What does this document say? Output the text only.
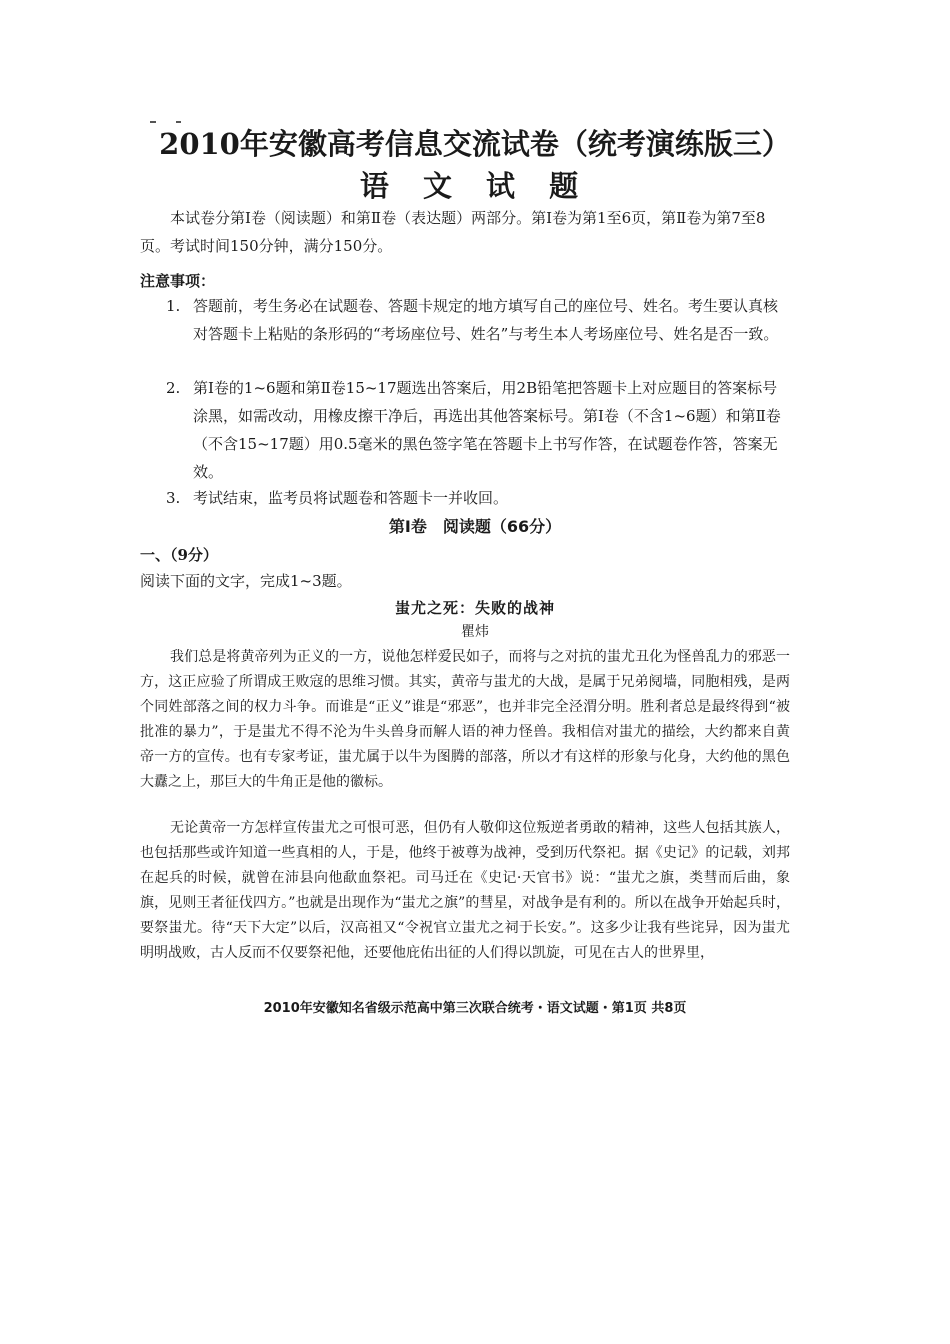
2010年安徽高考信息交流试卷（统考演练版三）
语 文 试 题

本试卷分第Ⅰ卷（阅读题）和第Ⅱ卷（表达题）两部分。第Ⅰ卷为第1至6页，第Ⅱ卷为第7至8页。考试时间150分钟，满分150分。

注意事项：
1. 答题前，考生务必在试题卷、答题卡规定的地方填写自己的座位号、姓名。考生要认真核对答题卡上粘贴的条形码的“考场座位号、姓名”与考生本人考场座位号、姓名是否一致。
2. 第Ⅰ卷的1~6题和第Ⅱ卷15~17题选出答案后，用2B铅笔把答题卡上对应题目的答案标号涂黑，如需改动，用橡皮擦干净后，再选出其他答案标号。第Ⅰ卷（不含1~6题）和第Ⅱ卷（不含15~17题）用0.5毫米的黑色签字笔在答题卡上书写作答，在试题卷作答，答案无效。
3. 考试结束，监考员将试题卷和答题卡一并收回。
第Ⅰ卷　阅读题（66分）
一、（9分）
阅读下面的文字，完成1~3题。
蚩尤之死：失败的战神
瞿炜

我们总是将黄帝列为正义的一方，说他怎样爱民如子，而将与之对抗的蚩尤丑化为怪兽乱力的邪恶一方，这正应验了所谓成王败寇的思维习惯。其实，黄帝与蚩尤的大战，是属于兄弟阋墙，同胞相残，是两个同姓部落之间的权力斗争。而谁是“正义”谁是“邪恶”，也并非完全泾渭分明。胜利者总是最终得到“被批准的暴力”，于是蚩尤不得不沦为牛头兽身而解人语的神力怪兽。我相信对蚩尤的描绘，大约都来自黄帝一方的宣传。也有专家考证，蚩尤属于以牛为图腾的部落，所以才有这样的形象与化身，大约他的黑色大纛之上，那巨大的牛角正是他的徽标。

无论黄帝一方怎样宣传蚩尤之可恨可恶，但仍有人敬仰这位叛逆者勇敢的精神，这些人包括其族人，也包括那些或许知道一些真相的人，于是，他终于被尊为战神，受到历代祭祀。据《史记》的记载，刘邦在起兵的时候，就曾在沛县向他歃血祭祀。司马迁在《史记·天官书》说：“蚩尤之旗，类彗而后曲，象旗，见则王者征伐四方。”也就是出现作为“蚩尤之旗”的彗星，对战争是有利的。所以在战争开始起兵时，要祭蚩尤。待“天下大定”以后，汉高祖又“令祝官立蚩尤之祠于长安。”。这多少让我有些诧异，因为蚩尤明明战败，古人反而不仅要祭祀他，还要他庇佑出征的人们得以凯旋，可见在古人的世界里，

2010年安徽知名省级示范高中第三次联合统考・语文试题・第1页 共8页
